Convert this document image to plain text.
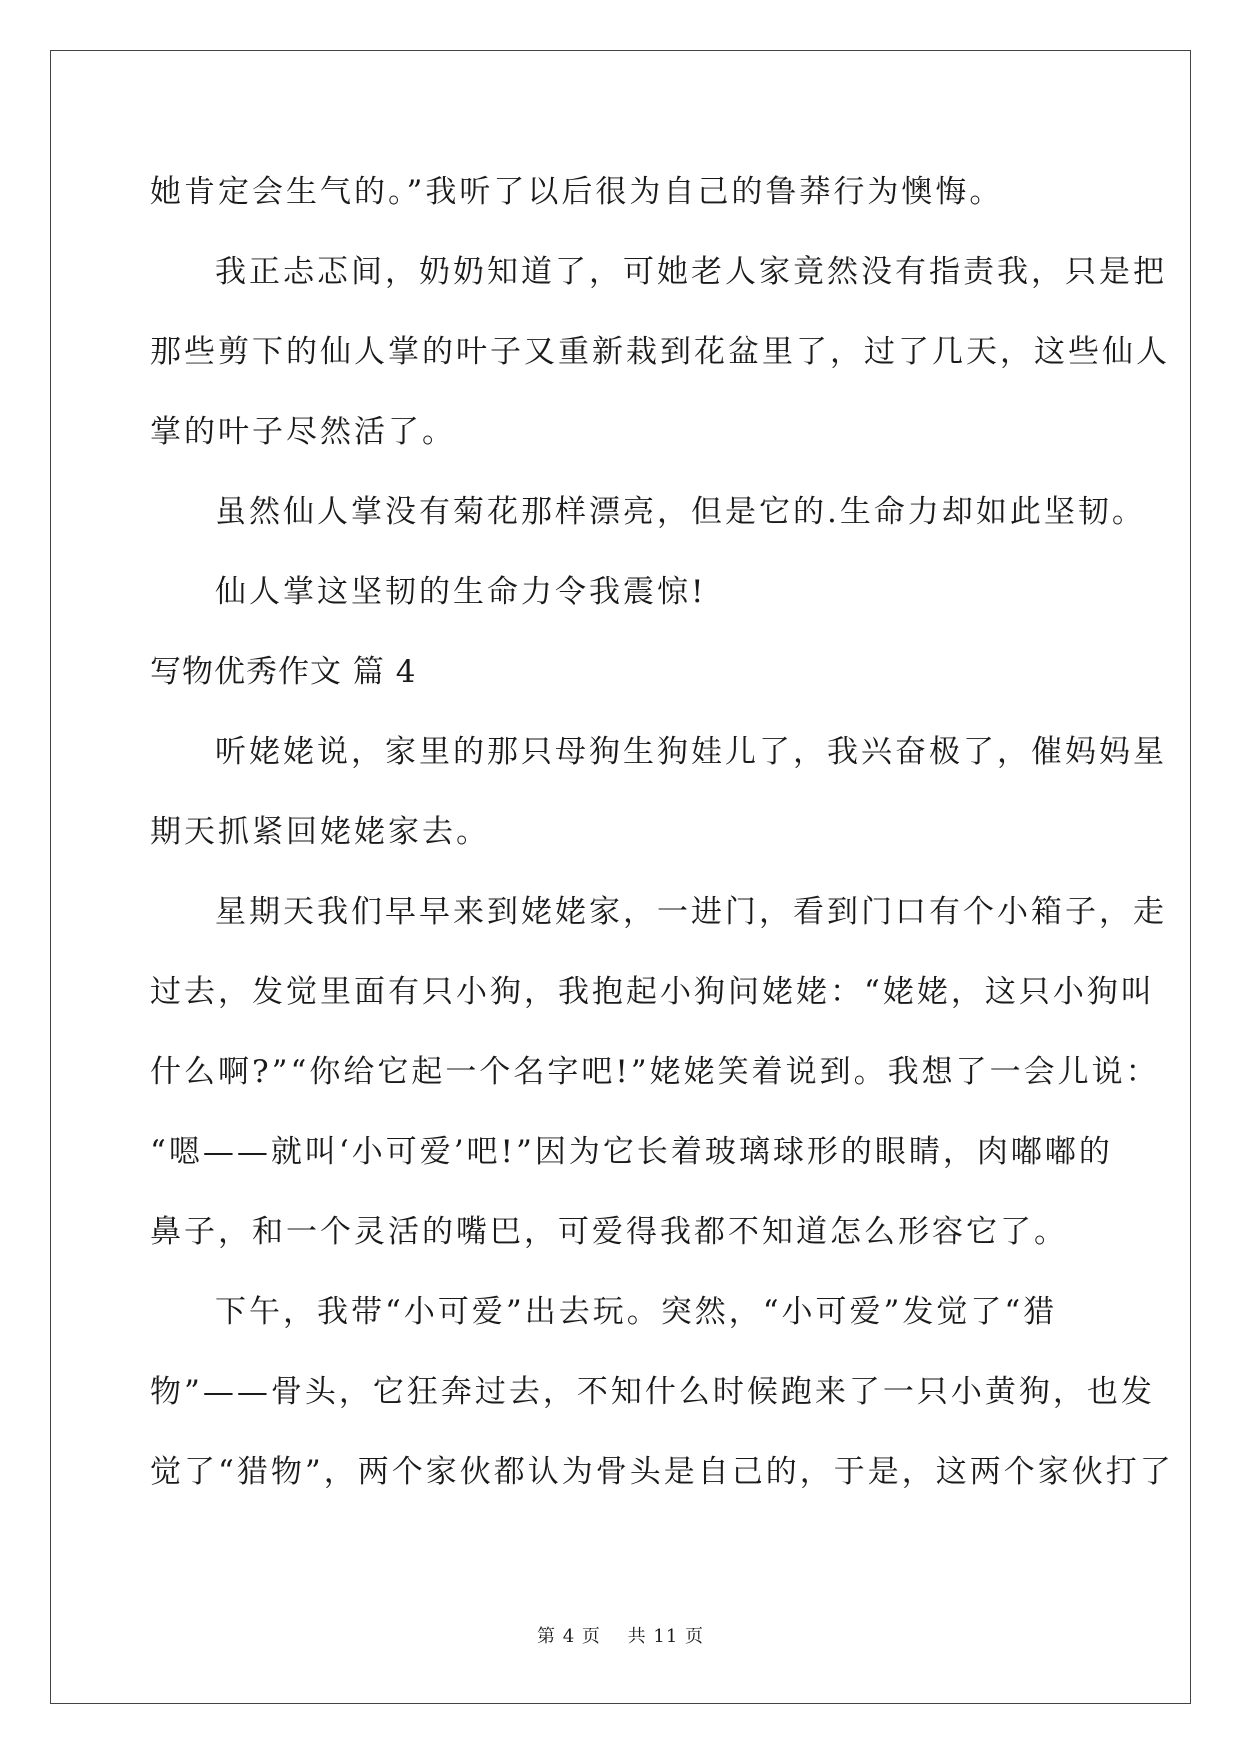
她肯定会生气的。”我听了以后很为自己的鲁莽行为懊悔。
我正忐忑间，奶奶知道了，可她老人家竟然没有指责我，只是把
那些剪下的仙人掌的叶子又重新栽到花盆里了，过了几天，这些仙人
掌的叶子尽然活了。
虽然仙人掌没有菊花那样漂亮，但是它的.生命力却如此坚韧。
仙人掌这坚韧的生命力令我震惊!
写物优秀作文 篇 4
听姥姥说，家里的那只母狗生狗娃儿了，我兴奋极了，催妈妈星
期天抓紧回姥姥家去。
星期天我们早早来到姥姥家，一进门，看到门口有个小箱子，走
过去，发觉里面有只小狗，我抱起小狗问姥姥：“姥姥，这只小狗叫
什么啊?”“你给它起一个名字吧!”姥姥笑着说到。我想了一会儿说：
“嗯——就叫‘小可爱’吧!”因为它长着玻璃球形的眼睛，肉嘟嘟的
鼻子，和一个灵活的嘴巴，可爱得我都不知道怎么形容它了。
下午，我带“小可爱”出去玩。突然，“小可爱”发觉了“猎
物”——骨头，它狂奔过去，不知什么时候跑来了一只小黄狗，也发
觉了“猎物”，两个家伙都认为骨头是自己的，于是，这两个家伙打了
第 4 页 共 11 页
